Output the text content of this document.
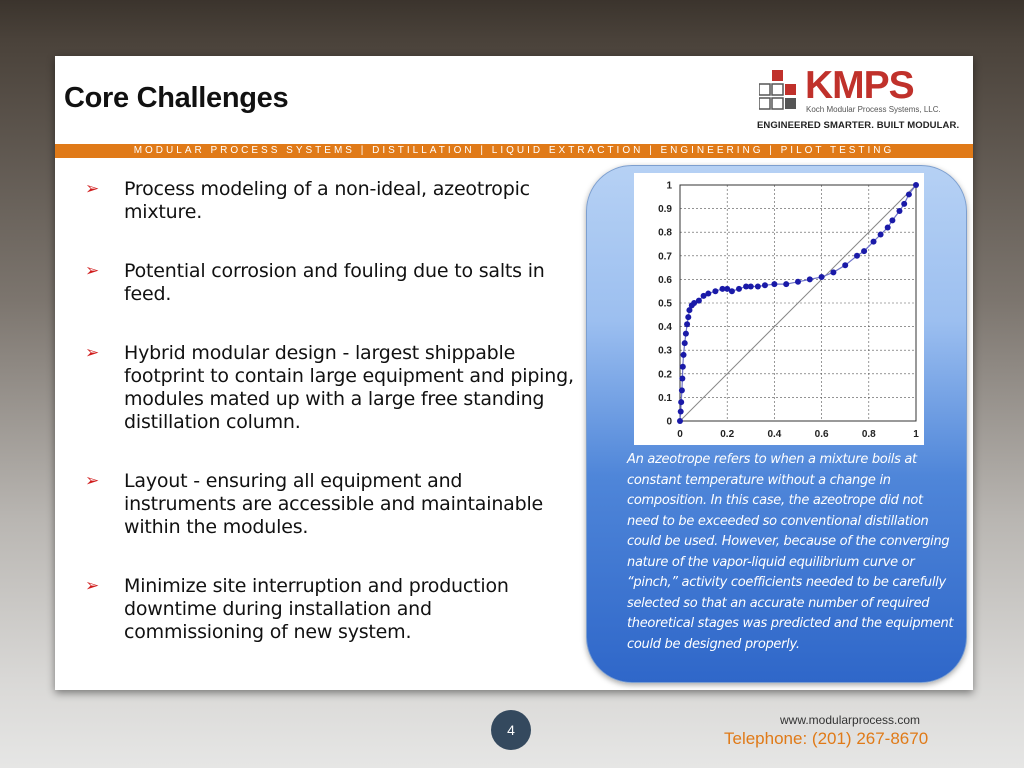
Core Challenges	KMPS
Koch Modular Process Systems, LLC.
ENGINEERED SMARTER. BUILT MODULAR.
MODULAR PROCESS SYSTEMS | DISTILLATION | LIQUID EXTRACTION | ENGINEERING | PILOT TESTING
➢ Process modeling of a non-ideal, azeotropic mixture.
➢ Potential corrosion and fouling due to salts in feed.
➢ Hybrid modular design - largest shippable footprint to contain large equipment and piping, modules mated up with a large free standing distillation column.
➢ Layout - ensuring all equipment and instruments are accessible and maintainable within the modules.
➢ Minimize site interruption and production downtime during installation and commissioning of new system.
0
0.1
0.2
0.3
0.4
0.5
0.6
0.7
0.8
0.9
1
0	0.2	0.4	0.6	0.8	1
An azeotrope refers to when a mixture boils at constant temperature without a change in composition. In this case, the azeotrope did not need to be exceeded so conventional distillation could be used. However, because of the converging nature of the vapor-liquid equilibrium curve or “pinch,” activity coefficients needed to be carefully selected so that an accurate number of required theoretical stages was predicted and the equipment could be designed properly.
4
www.modularprocess.com
Telephone: (201) 267-8670
